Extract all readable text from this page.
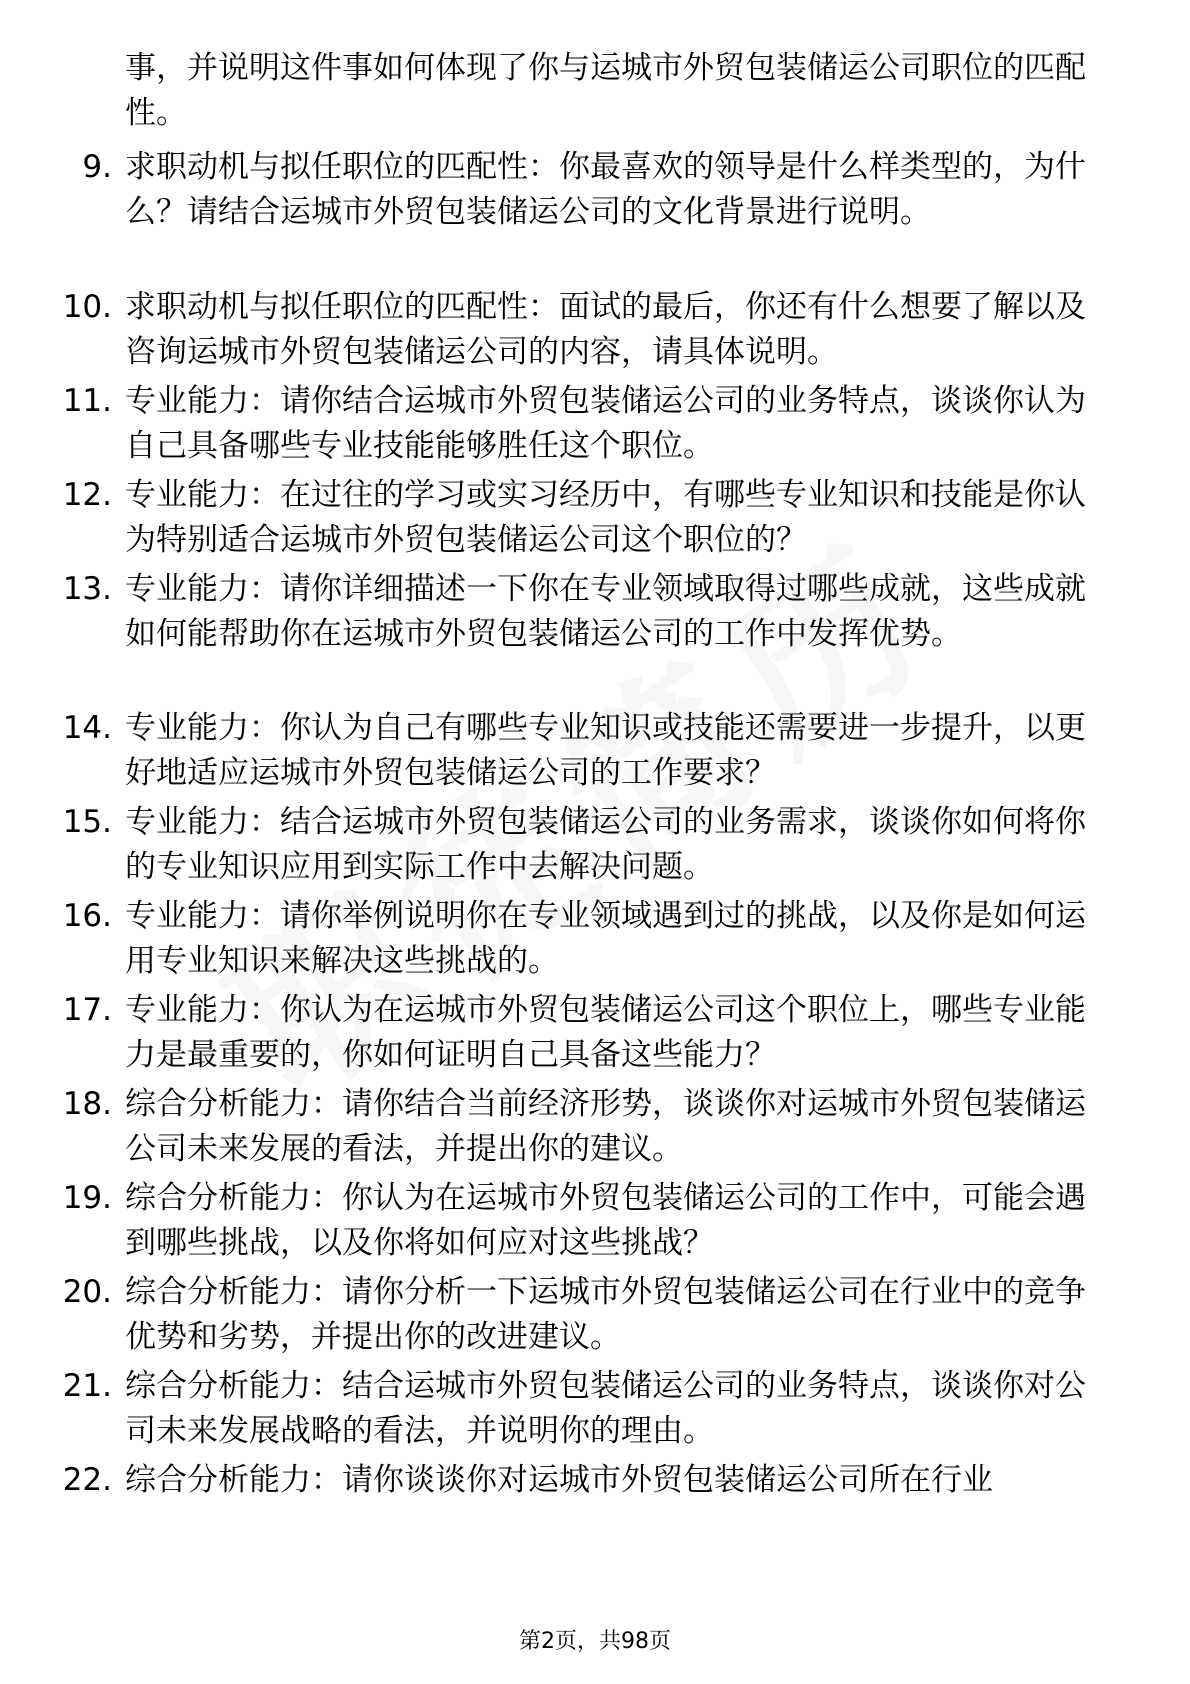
事，并说明这件事如何体现了你与运城市外贸包装储运公司职位的匹配性。
9. 求职动机与拟任职位的匹配性：你最喜欢的领导是什么样类型的，为什么？请结合运城市外贸包装储运公司的文化背景进行说明。
10. 求职动机与拟任职位的匹配性：面试的最后，你还有什么想要了解以及咨询运城市外贸包装储运公司的内容，请具体说明。
11. 专业能力：请你结合运城市外贸包装储运公司的业务特点，谈谈你认为自己具备哪些专业技能能够胜任这个职位。
12. 专业能力：在过往的学习或实习经历中，有哪些专业知识和技能是你认为特别适合运城市外贸包装储运公司这个职位的？
13. 专业能力：请你详细描述一下你在专业领域取得过哪些成就，这些成就如何能帮助你在运城市外贸包装储运公司的工作中发挥优势。
14. 专业能力：你认为自己有哪些专业知识或技能还需要进一步提升，以更好地适应运城市外贸包装储运公司的工作要求？
15. 专业能力：结合运城市外贸包装储运公司的业务需求，谈谈你如何将你的专业知识应用到实际工作中去解决问题。
16. 专业能力：请你举例说明你在专业领域遇到过的挑战，以及你是如何运用专业知识来解决这些挑战的。
17. 专业能力：你认为在运城市外贸包装储运公司这个职位上，哪些专业能力是最重要的，你如何证明自己具备这些能力？
18. 综合分析能力：请你结合当前经济形势，谈谈你对运城市外贸包装储运公司未来发展的看法，并提出你的建议。
19. 综合分析能力：你认为在运城市外贸包装储运公司的工作中，可能会遇到哪些挑战，以及你将如何应对这些挑战？
20. 综合分析能力：请你分析一下运城市外贸包装储运公司在行业中的竞争优势和劣势，并提出你的改进建议。
21. 综合分析能力：结合运城市外贸包装储运公司的业务特点，谈谈你对公司未来发展战略的看法，并说明你的理由。
22. 综合分析能力：请你谈谈你对运城市外贸包装储运公司所在行业
第2页，共98页
